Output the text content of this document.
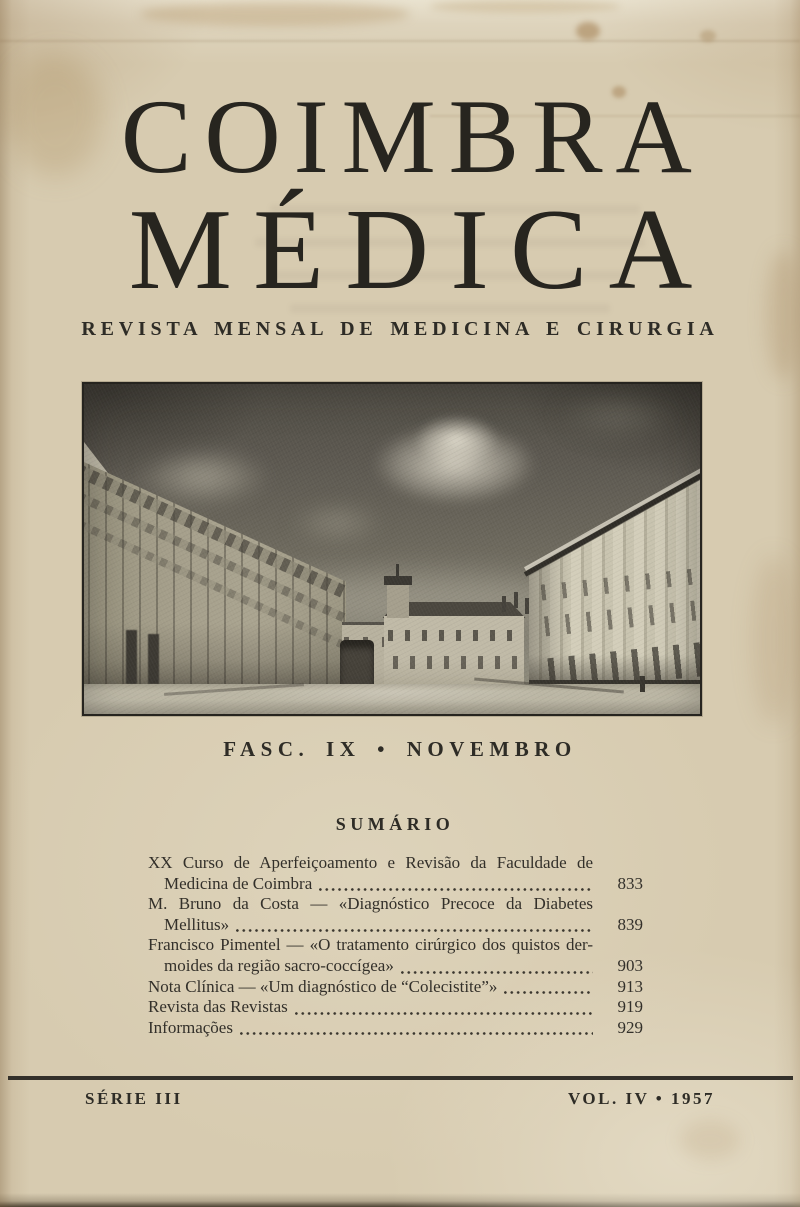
COIMBRA
MÉDICA
REVISTA MENSAL DE MEDICINA E CIRURGIA
FASC. IX • NOVEMBRO
SUMÁRIO
XX Curso de Aperfeiçoamento e Revisão da Faculdade de
Medicina de Coimbra	833
M. Bruno da Costa — «Diagnóstico Precoce da Diabetes
Mellitus»	839
Francisco Pimentel — «O tratamento cirúrgico dos quistos der-
moides da região sacro-coccígea»	903
Nota Clínica — «Um diagnóstico de “Colecistite”»	913
Revista das Revistas	919
Informações	929
SÉRIE III	VOL. IV • 1957
